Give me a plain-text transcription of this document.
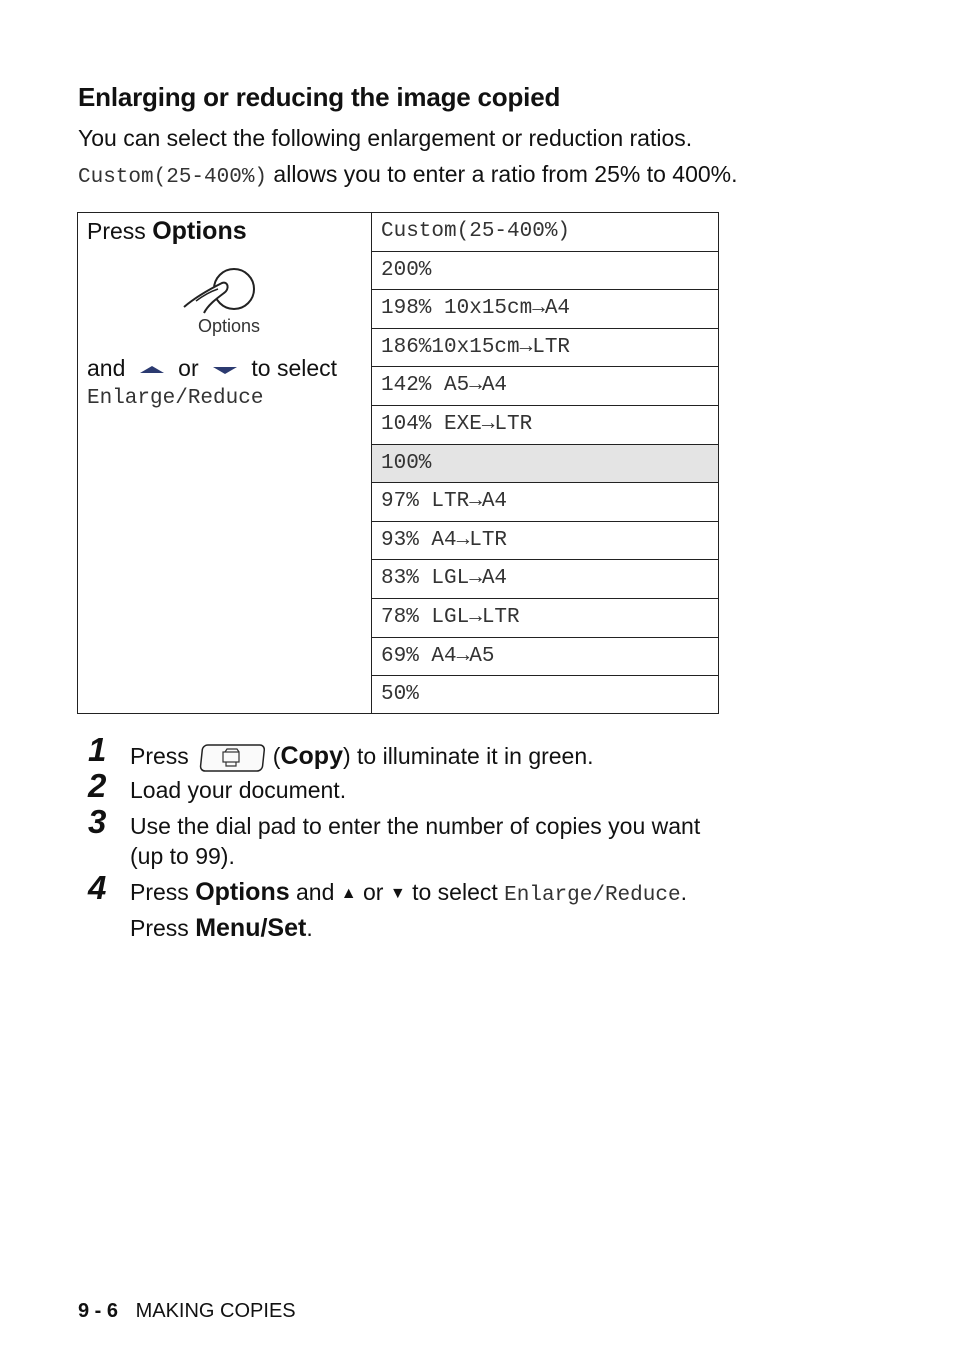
Enlarging or reducing the image copied
You can select the following enlargement or reduction ratios.
Custom(25-400%) allows you to enter a ratio from 25% to 400%.
Press Options
Options
and or to select
Enlarge/Reduce
Custom(25-400%)
200%
198% 10x15cm→A4
186%10x15cm→LTR
142% A5→A4
104% EXE→LTR
100%
97% LTR→A4
93% A4→LTR
83% LGL→A4
78% LGL→LTR
69% A4→A5
50%
1 Press	(Copy) to illuminate it in green.
2 Load your document.
3 Use the dial pad to enter the number of copies you want
(up to 99).
4 Press Options and ▲ or ▼ to select Enlarge/Reduce.
Press Menu/Set.
9 - 6 MAKING COPIES
